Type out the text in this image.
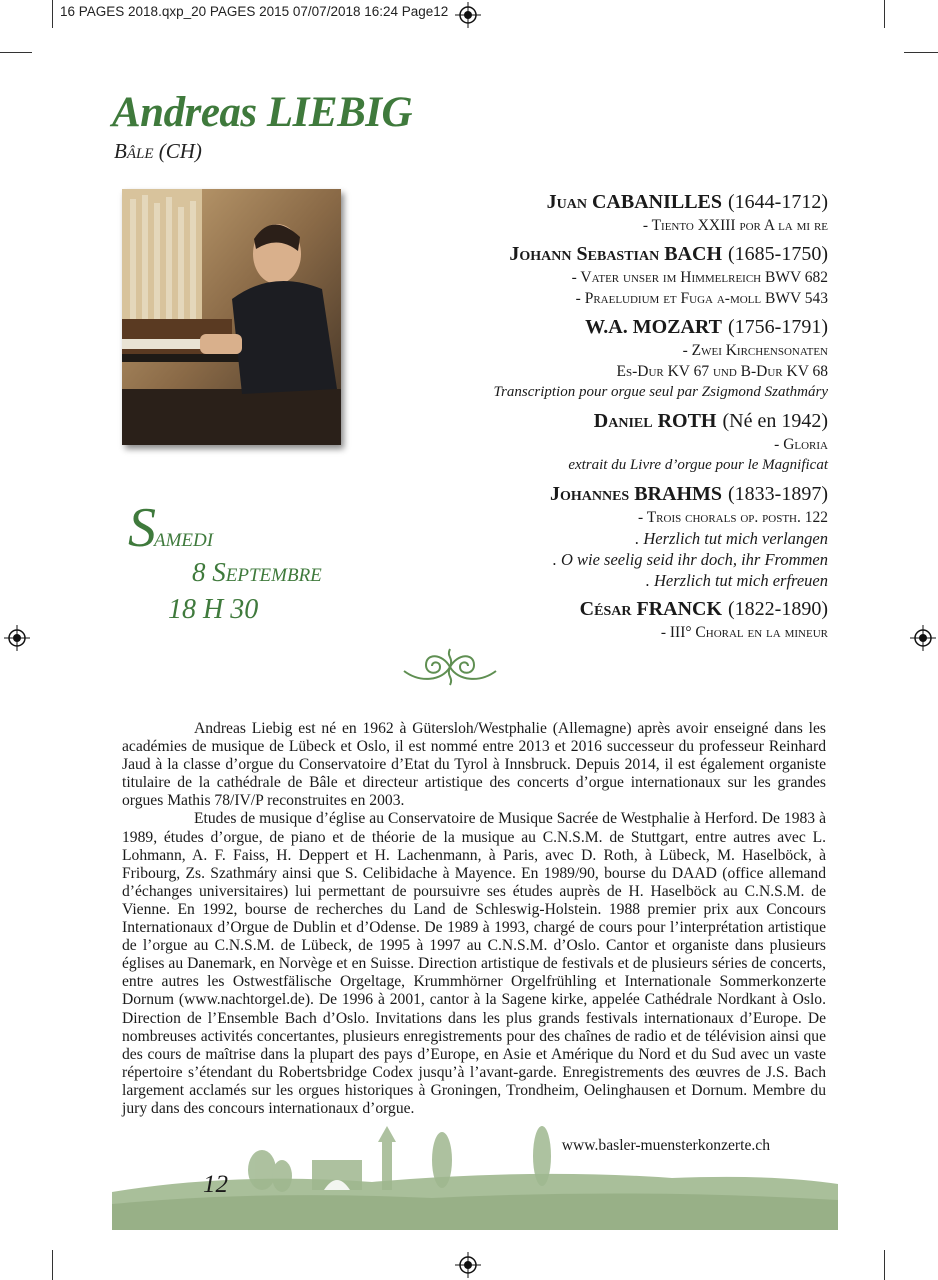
16 PAGES 2018.qxp_20 PAGES 2015 07/07/2018 16:24 Page12
Andreas LIEBIG
Bâle (CH)
Samedi
8 Septembre
18 H 30
Juan CABANILLES (1644-1712)
- Tiento XXIII por A la mi re
Johann Sebastian BACH (1685-1750)
- Vater unser im Himmelreich BWV 682
- Praeludium et Fuga a-moll BWV 543
W.A. MOZART (1756-1791)
- Zwei Kirchensonaten
Es-Dur KV 67 und B-Dur KV 68
Transcription pour orgue seul par Zsigmond Szathmáry
Daniel ROTH (Né en 1942)
- Gloria
extrait du Livre d’orgue pour le Magnificat
Johannes BRAHMS (1833-1897)
- Trois chorals op. posth. 122
. Herzlich tut mich verlangen
. O wie seelig seid ihr doch, ihr Frommen
. Herzlich tut mich erfreuen
César FRANCK (1822-1890)
- III° Choral en la mineur
12

Andreas Liebig est né en 1962 à Gütersloh/Westphalie (Allemagne) après avoir enseigné dans les académies de musique de Lübeck et Oslo, il est nommé entre 2013 et 2016 successeur du professeur Reinhard Jaud à la classe d’orgue du Conservatoire d’Etat du Tyrol à Innsbruck. Depuis 2014, il est également organiste titulaire de la cathédrale de Bâle et directeur artistique des concerts d’orgue internationaux sur les grandes orgues Mathis 78/IV/P reconstruites en 2003.

Etudes de musique d’église au Conservatoire de Musique Sacrée de Westphalie à Herford. De 1983 à 1989, études d’orgue, de piano et de théorie de la musique au C.N.S.M. de Stuttgart, entre autres avec L. Lohmann, A. F. Faiss, H. Deppert et H. Lachenmann, à Paris, avec D. Roth, à Lübeck, M. Haselböck, à Fribourg, Zs. Szathmáry ainsi que S. Celibidache à Mayence. En 1989/90, bourse du DAAD (office allemand d’échanges universitaires) lui permettant de poursuivre ses études auprès de H. Haselböck au C.N.S.M. de Vienne. En 1992, bourse de recherches du Land de Schleswig-Holstein. 1988 premier prix aux Concours Internationaux d’Orgue de Dublin et d’Odense. De 1989 à 1993, chargé de cours pour l’interprétation artistique de l’orgue au C.N.S.M. de Lübeck, de 1995 à 1997 au C.N.S.M. d’Oslo. Cantor et organiste dans plusieurs églises au Danemark, en Norvège et en Suisse. Direction artistique de festivals et de plusieurs séries de concerts, entre autres les Ostwestfälische Orgeltage, Krummhörner Orgelfrühling et Internationale Sommerkonzerte Dornum (www.nachtorgel.de). De 1996 à 2001, cantor à la Sagene kirke, appelée Cathédrale Nordkant à Oslo. Direction de l’Ensemble Bach d’Oslo. Invitations dans les plus grands festivals internationaux d’Europe. De nombreuses activités concertantes, plusieurs enregistrements pour des chaînes de radio et de télévision ainsi que des cours de maîtrise dans la plupart des pays d’Europe, en Asie et Amérique du Nord et du Sud avec un vaste répertoire s’étendant du Robertsbridge Codex jusqu’à l’avant-garde. Enregistrements des œuvres de J.S. Bach largement acclamés sur les orgues historiques à Groningen, Trondheim, Oelinghausen et Dornum. Membre du jury dans des concours internationaux d’orgue.

www.basler-muensterkonzerte.ch
